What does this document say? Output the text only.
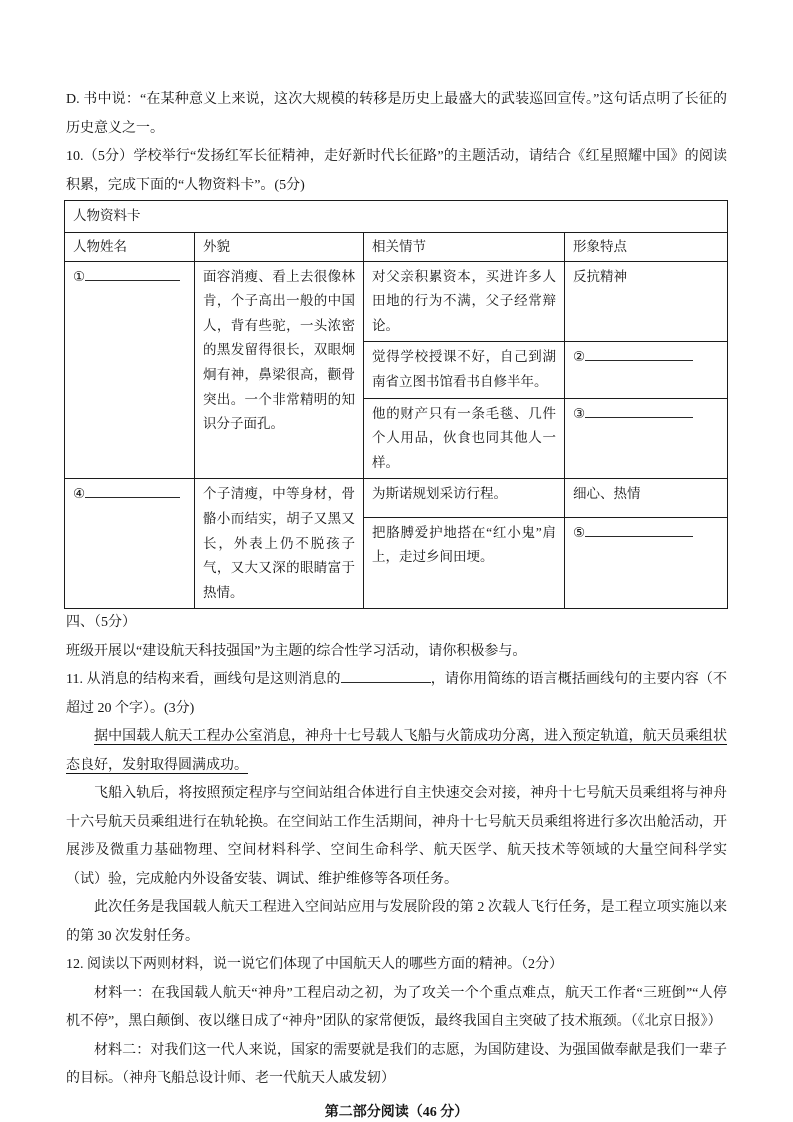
D. 书中说：“在某种意义上来说，这次大规模的转移是历史上最盛大的武装巡回宣传。”这句话点明了长征的历史意义之一。

10.（5分）学校举行“发扬红军长征精神，走好新时代长征路”的主题活动，请结合《红星照耀中国》的阅读积累，完成下面的“人物资料卡”。(5分)

人物资料卡			
人物姓名	外貌	相关情节	形象特点
①	面容消瘦、看上去很像林肯，个子高出一般的中国人，背有些驼，一头浓密的黑发留得很长，双眼炯炯有神，鼻梁很高，颧骨突出。一个非常精明的知识分子面孔。	对父亲积累资本，买进许多人田地的行为不满，父子经常辩论。	反抗精神
		觉得学校授课不好，自己到湖南省立图书馆看书自修半年。	②
		他的财产只有一条毛毯、几件个人用品，伙食也同其他人一样。	③
④	个子清瘦，中等身材，骨骼小而结实，胡子又黑又长，外表上仍不脱孩子气，又大又深的眼睛富于热情。	为斯诺规划采访行程。	细心、热情
		把胳膊爱护地搭在“红小鬼”肩上，走过乡间田埂。	⑤

四、（5分）

班级开展以“建设航天科技强国”为主题的综合性学习活动，请你积极参与。

11. 从消息的结构来看，画线句是这则消息的	，请你用简练的语言概括画线句的主要内容（不超过 20 个字）。(3分)

据中国载人航天工程办公室消息，神舟十七号载人飞船与火箭成功分离，进入预定轨道，航天员乘组状态良好，发射取得圆满成功。

飞船入轨后，将按照预定程序与空间站组合体进行自主快速交会对接，神舟十七号航天员乘组将与神舟十六号航天员乘组进行在轨轮换。在空间站工作生活期间，神舟十七号航天员乘组将进行多次出舱活动，开展涉及微重力基础物理、空间材料科学、空间生命科学、航天医学、航天技术等领域的大量空间科学实（试）验，完成舱内外设备安装、调试、维护维修等各项任务。

此次任务是我国载人航天工程进入空间站应用与发展阶段的第 2 次载人飞行任务，是工程立项实施以来的第 30 次发射任务。

12. 阅读以下两则材料，说一说它们体现了中国航天人的哪些方面的精神。（2分）

材料一：在我国载人航天“神舟”工程启动之初，为了攻关一个个重点难点，航天工作者“三班倒”“人停机不停”，黑白颠倒、夜以继日成了“神舟”团队的家常便饭，最终我国自主突破了技术瓶颈。（《北京日报》）

材料二：对我们这一代人来说，国家的需要就是我们的志愿，为国防建设、为强国做奉献是我们一辈子的目标。（神舟飞船总设计师、老一代航天人戚发轫）

第二部分阅读（46 分）
